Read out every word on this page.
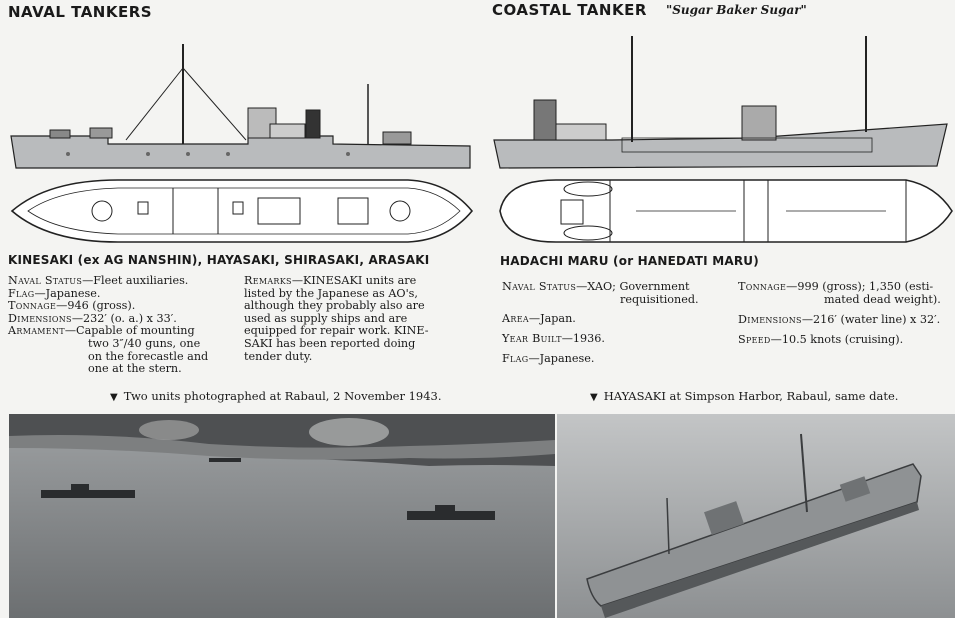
NAVAL TANKERS	COASTAL TANKER "Sugar Baker Sugar"
KINESAKI (ex AG NANSHIN), HAYASAKI, SHIRASAKI, ARASAKI

Naval Status—Fleet auxiliaries.

Flag—Japanese.

Tonnage—946 (gross).

Dimensions—232′ (o. a.) x 33′.

Armament—Capable of mounting

two 3″/40 guns, one

on the forecastle and

one at the stern.

Remarks—KINESAKI units are

listed by the Japanese as AO's,

although they probably also are

used as supply ships and are

equipped for repair work. KINE-

SAKI has been reported doing

tender duty.

HADACHI MARU (or HANEDATI MARU)

Naval Status—XAO; Government

requisitioned.

Area—Japan.

Year Built—1936.

Flag—Japanese.

Tonnage—999 (gross); 1,350 (esti-

mated dead weight).

Dimensions—216′ (water line) x 32′.

Speed—10.5 knots (cruising).

▼ Two units photographed at Rabaul, 2 November 1943.	▼ HAYASAKI at Simpson Harbor, Rabaul, same date.
